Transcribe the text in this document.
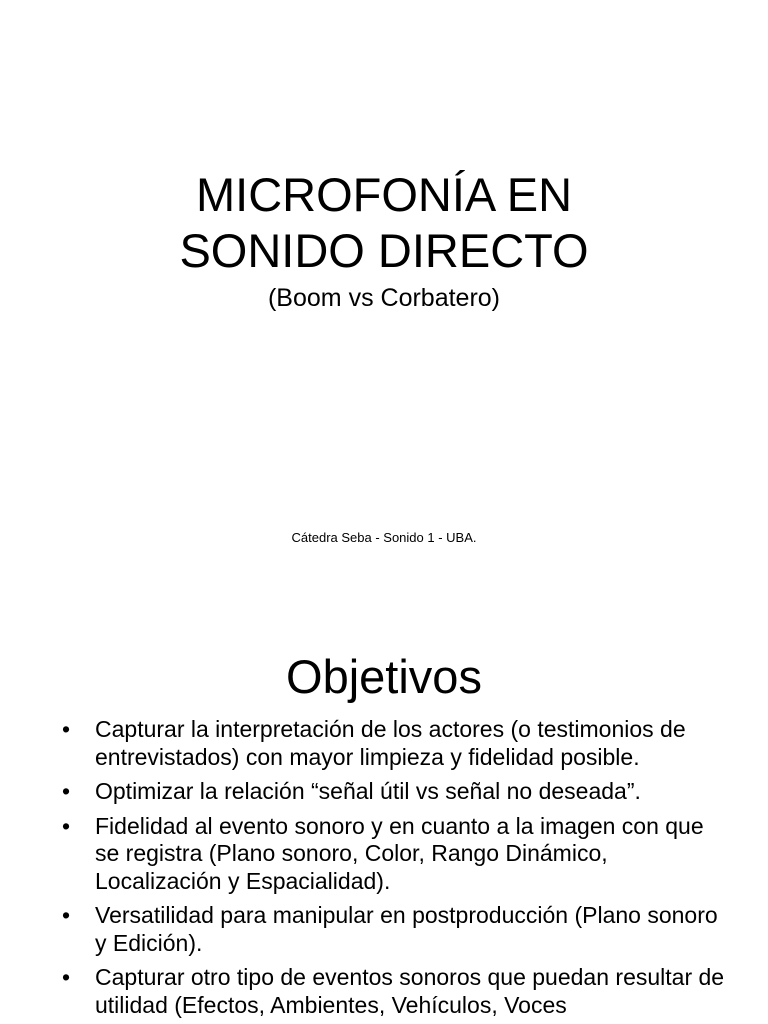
MICROFONÍA EN
SONIDO DIRECTO
(Boom vs Corbatero)
Cátedra Seba - Sonido 1 - UBA.
Objetivos
• Capturar la interpretación de los actores (o testimonios de entrevistados) con mayor limpieza y fidelidad posible.
• Optimizar la relación “señal útil vs señal no deseada”.
• Fidelidad al evento sonoro y en cuanto a la imagen con que se registra (Plano sonoro, Color, Rango Dinámico, Localización y Espacialidad).
• Versatilidad para manipular en postproducción (Plano sonoro y Edición).
• Capturar otro tipo de eventos sonoros que puedan resultar de utilidad (Efectos, Ambientes, Vehículos, Voces
